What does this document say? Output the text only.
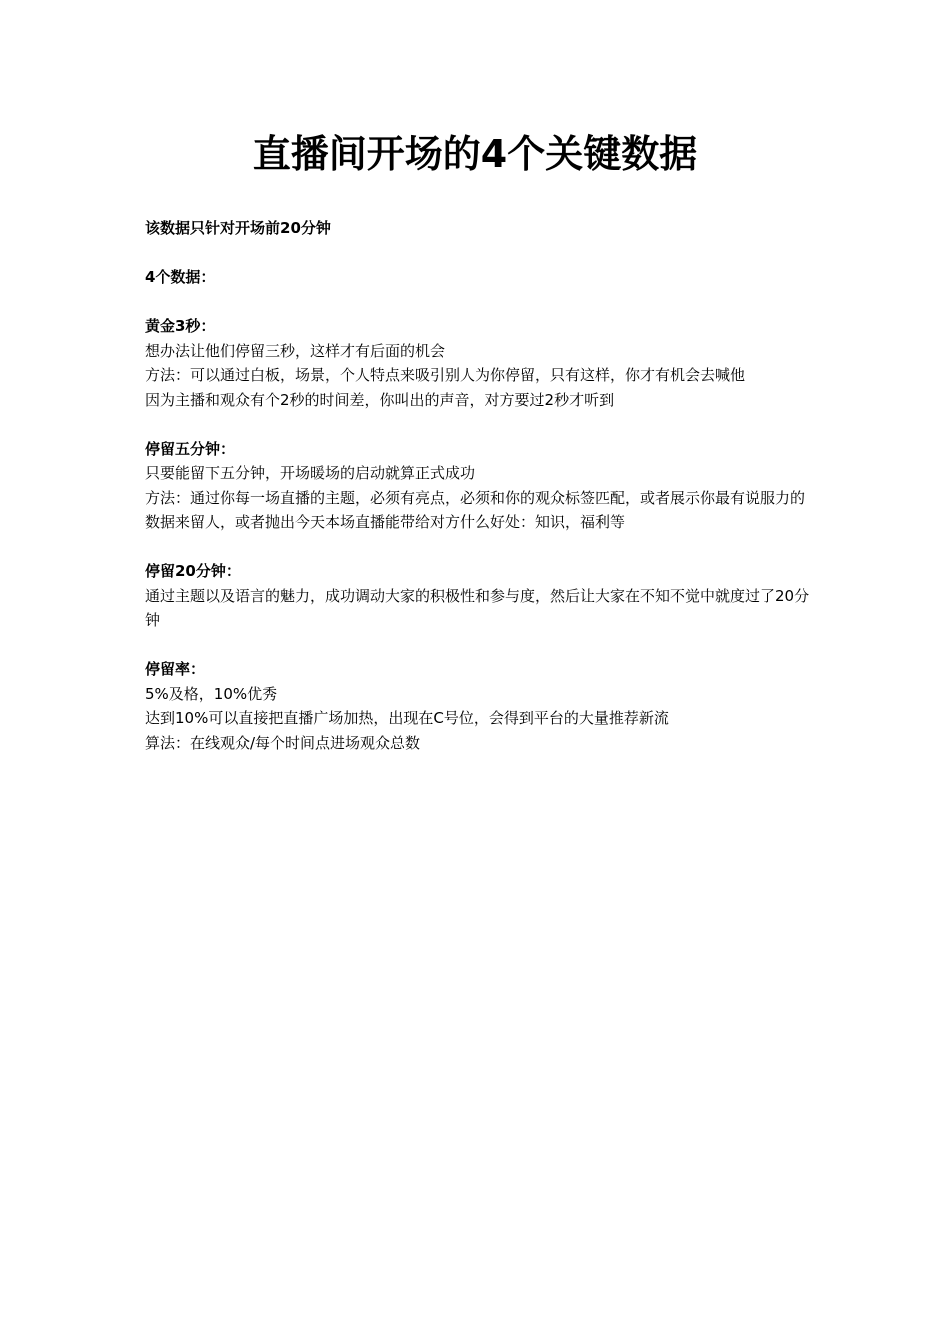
直播间开场的4个关键数据

该数据只针对开场前20分钟

4个数据：

黄金3秒：

想办法让他们停留三秒，这样才有后面的机会

方法：可以通过白板，场景，个人特点来吸引别人为你停留，只有这样，你才有机会去喊他

因为主播和观众有个2秒的时间差，你叫出的声音，对方要过2秒才听到

停留五分钟：

只要能留下五分钟，开场暖场的启动就算正式成功

方法：通过你每一场直播的主题，必须有亮点，必须和你的观众标签匹配，或者展示你最有说服力的数据来留人，或者抛出今天本场直播能带给对方什么好处：知识，福利等

停留20分钟：

通过主题以及语言的魅力，成功调动大家的积极性和参与度，然后让大家在不知不觉中就度过了20分钟

停留率：

5%及格，10%优秀

达到10%可以直接把直播广场加热，出现在C号位，会得到平台的大量推荐新流

算法：在线观众/每个时间点进场观众总数
